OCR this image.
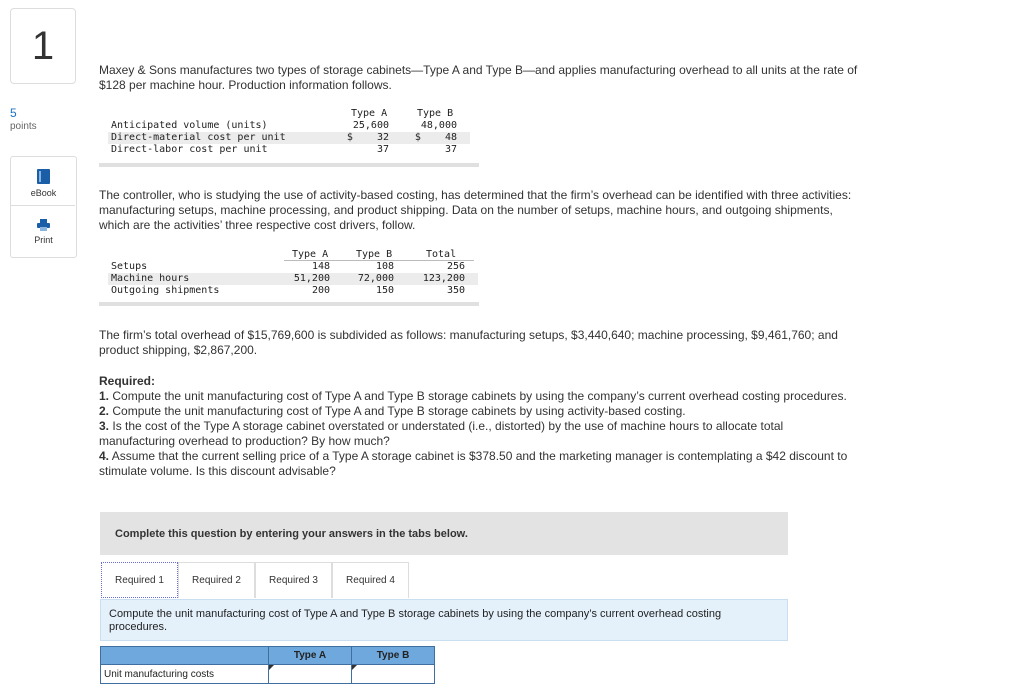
1
5
points
eBook
Print
Maxey & Sons manufactures two types of storage cabinets—Type A and Type B—and applies manufacturing overhead to all units at the rate of $128 per machine hour. Production information follows.
Type A	Type B
Anticipated volume (units)	25,600	48,000
Direct-material cost per unit	$    32	$    48
Direct-labor cost per unit	37	37
The controller, who is studying the use of activity-based costing, has determined that the firm’s overhead can be identified with three activities: manufacturing setups, machine processing, and product shipping. Data on the number of setups, machine hours, and outgoing shipments, which are the activities’ three respective cost drivers, follow.
Type A	Type B	Total
Setups	148	108	256
Machine hours	51,200	72,000	123,200
Outgoing shipments	200	150	350
The firm’s total overhead of $15,769,600 is subdivided as follows: manufacturing setups, $3,440,640; machine processing, $9,461,760; and product shipping, $2,867,200.
Required:
1. Compute the unit manufacturing cost of Type A and Type B storage cabinets by using the company’s current overhead costing procedures.
2. Compute the unit manufacturing cost of Type A and Type B storage cabinets by using activity-based costing.
3. Is the cost of the Type A storage cabinet overstated or understated (i.e., distorted) by the use of machine hours to allocate total manufacturing overhead to production? By how much?
4. Assume that the current selling price of a Type A storage cabinet is $378.50 and the marketing manager is contemplating a $42 discount to stimulate volume. Is this discount advisable?
Complete this question by entering your answers in the tabs below.
Required 1	Required 2	Required 3	Required 4
Compute the unit manufacturing cost of Type A and Type B storage cabinets by using the company’s current overhead costing procedures.
Type A	Type B
Unit manufacturing costs
